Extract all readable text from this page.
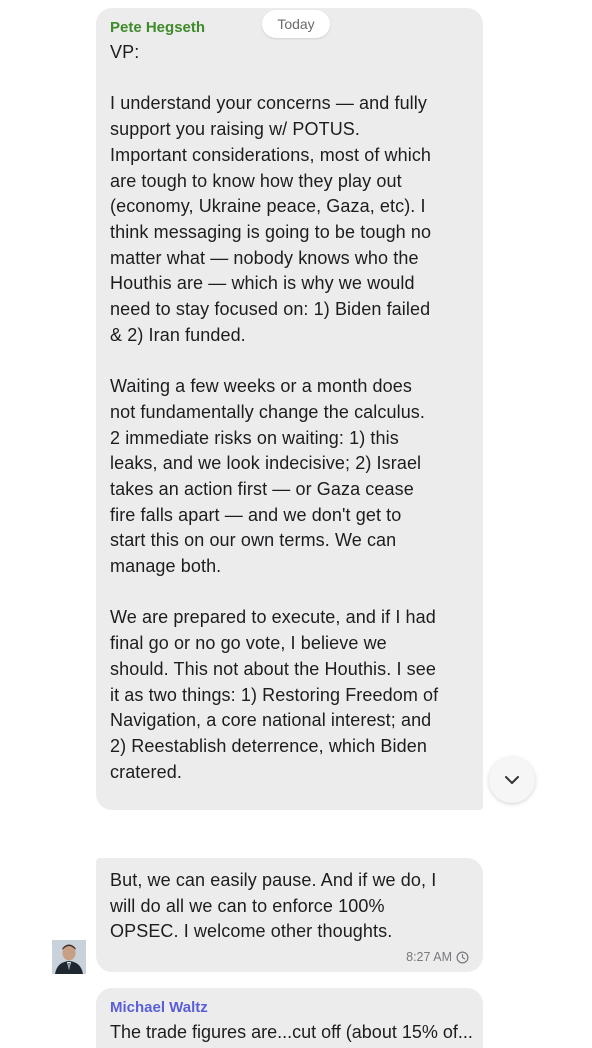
Pete Hegseth

VP:

I understand your concerns — and fully
support you raising w/ POTUS.
Important considerations, most of which
are tough to know how they play out
(economy, Ukraine peace, Gaza, etc). I
think messaging is going to be tough no
matter what — nobody knows who the
Houthis are — which is why we would
need to stay focused on: 1) Biden failed
& 2) Iran funded.

Waiting a few weeks or a month does
not fundamentally change the calculus.
2 immediate risks on waiting: 1) this
leaks, and we look indecisive; 2) Israel
takes an action first — or Gaza cease
fire falls apart — and we don't get to
start this on our own terms. We can
manage both.

We are prepared to execute, and if I had
final go or no go vote, I believe we
should. This not about the Houthis. I see
it as two things: 1) Restoring Freedom of
Navigation, a core national interest; and
2) Reestablish deterrence, which Biden
cratered.

Today

But, we can easily pause. And if we do, I
will do all we can to enforce 100%
OPSEC. I welcome other thoughts.

8:27 AM
Michael Waltz
The trade figures are...cut off (about 15% of...
